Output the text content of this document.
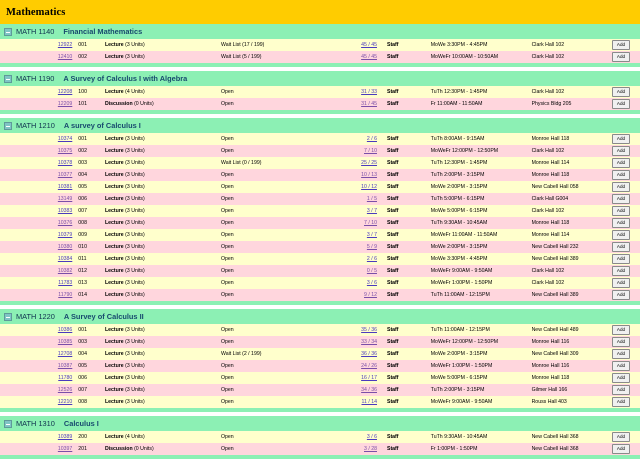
Mathematics
MATH 1140 Financial Mathematics
12922	001	Lecture (3 Units)	Wait List (17 / 199)	45 / 45	Staff	MoWe 3:30PM - 4:45PM	Clark Hall 102	Add
12410	002	Lecture (3 Units)	Wait List (5 / 199)	45 / 45	Staff	MoWeFr 10:00AM - 10:50AM	Clark Hall 102	Add
MATH 1190 A Survey of Calculus I with Algebra
12208	100	Lecture (4 Units)	Open	31 / 33	Staff	TuTh 12:30PM - 1:45PM	Clark Hall 102	Add
12209	101	Discussion (0 Units)	Open	31 / 45	Staff	Fr 11:00AM - 11:50AM	Physics Bldg 205	Add
MATH 1210 A survey of Calculus I
10374	001	Lecture (3 Units)	Open	2 / 6	Staff	TuTh 8:00AM - 9:15AM	Monroe Hall 118	Add
10375	002	Lecture (3 Units)	Open	7 / 10	Staff	MoWeFr 12:00PM - 12:50PM	Clark Hall 102	Add
10378	003	Lecture (3 Units)	Wait List (0 / 199)	25 / 25	Staff	TuTh 12:30PM - 1:45PM	Monroe Hall 114	Add
10377	004	Lecture (3 Units)	Open	10 / 13	Staff	TuTh 2:00PM - 3:15PM	Monroe Hall 118	Add
10381	005	Lecture (3 Units)	Open	10 / 12	Staff	MoWe 2:00PM - 3:15PM	New Cabell Hall 058	Add
13149	006	Lecture (3 Units)	Open	1 / 5	Staff	TuTh 5:00PM - 6:15PM	Clark Hall G004	Add
10383	007	Lecture (3 Units)	Open	3 / 7	Staff	MoWe 5:00PM - 6:15PM	Clark Hall 102	Add
10376	008	Lecture (3 Units)	Open	7 / 10	Staff	TuTh 9:30AM - 10:45AM	Monroe Hall 118	Add
10379	009	Lecture (3 Units)	Open	3 / 7	Staff	MoWeFr 11:00AM - 11:50AM	Monroe Hall 114	Add
10380	010	Lecture (3 Units)	Open	5 / 9	Staff	MoWe 2:00PM - 3:15PM	New Cabell Hall 232	Add
10384	011	Lecture (3 Units)	Open	2 / 6	Staff	MoWe 3:30PM - 4:45PM	New Cabell Hall 389	Add
10382	012	Lecture (3 Units)	Open	0 / 5	Staff	MoWeFr 9:00AM - 9:50AM	Clark Hall 102	Add
11783	013	Lecture (3 Units)	Open	3 / 6	Staff	MoWeFr 1:00PM - 1:50PM	Clark Hall 102	Add
11790	014	Lecture (3 Units)	Open	9 / 12	Staff	TuTh 11:00AM - 12:15PM	New Cabell Hall 389	Add
MATH 1220 A Survey of Calculus II
10386	001	Lecture (3 Units)	Open	35 / 36	Staff	TuTh 11:00AM - 12:15PM	New Cabell Hall 489	Add
10385	003	Lecture (3 Units)	Open	33 / 34	Staff	MoWeFr 12:00PM - 12:50PM	Monroe Hall 116	Add
12708	004	Lecture (3 Units)	Wait List (2 / 199)	36 / 36	Staff	MoWe 2:00PM - 3:15PM	New Cabell Hall 309	Add
10387	005	Lecture (3 Units)	Open	24 / 26	Staff	MoWeFr 1:00PM - 1:50PM	Monroe Hall 116	Add
11780	006	Lecture (3 Units)	Open	16 / 17	Staff	MoWe 5:00PM - 6:15PM	Monroe Hall 118	Add
12526	007	Lecture (3 Units)	Open	34 / 36	Staff	TuTh 2:00PM - 3:15PM	Gilmer Hall 166	Add
12210	008	Lecture (3 Units)	Open	11 / 14	Staff	MoWeFr 9:00AM - 9:50AM	Rouss Hall 403	Add
MATH 1310 Calculus I
10389	200	Lecture (4 Units)	Open	3 / 6	Staff	TuTh 9:30AM - 10:45AM	New Cabell Hall 368	Add
10397	201	Discussion (0 Units)	Open	3 / 28	Staff	Fr 1:00PM - 1:50PM	New Cabell Hall 368	Add
